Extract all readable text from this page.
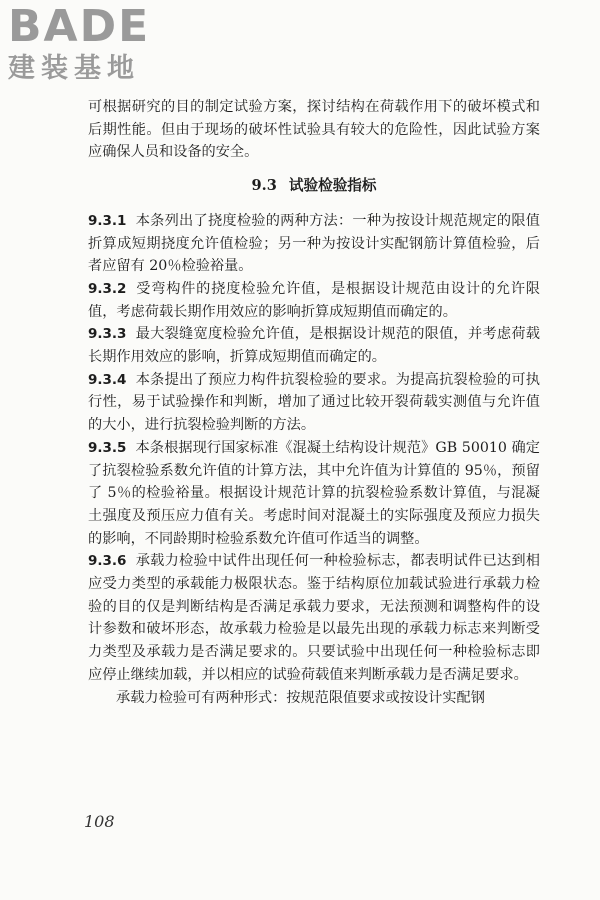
BADE
建装基地

可根据研究的目的制定试验方案，探讨结构在荷载作用下的破坏模式和后期性能。但由于现场的破坏性试验具有较大的危险性，因此试验方案应确保人员和设备的安全。

9.3 试验检验指标

9.3.1 本条列出了挠度检验的两种方法：一种为按设计规范规定的限值折算成短期挠度允许值检验；另一种为按设计实配钢筋计算值检验，后者应留有 20％检验裕量。

9.3.2 受弯构件的挠度检验允许值，是根据设计规范由设计的允许限值，考虑荷载长期作用效应的影响折算成短期值而确定的。

9.3.3 最大裂缝宽度检验允许值，是根据设计规范的限值，并考虑荷载长期作用效应的影响，折算成短期值而确定的。

9.3.4 本条提出了预应力构件抗裂检验的要求。为提高抗裂检验的可执行性，易于试验操作和判断，增加了通过比较开裂荷载实测值与允许值的大小，进行抗裂检验判断的方法。

9.3.5 本条根据现行国家标准《混凝土结构设计规范》GB 50010 确定了抗裂检验系数允许值的计算方法，其中允许值为计算值的 95％，预留了 5％的检验裕量。根据设计规范计算的抗裂检验系数计算值，与混凝土强度及预压应力值有关。考虑时间对混凝土的实际强度及预应力损失的影响，不同龄期时检验系数允许值可作适当的调整。

9.3.6 承载力检验中试件出现任何一种检验标志，都表明试件已达到相应受力类型的承载能力极限状态。鉴于结构原位加载试验进行承载力检验的目的仅是判断结构是否满足承载力要求，无法预测和调整构件的设计参数和破坏形态，故承载力检验是以最先出现的承载力标志来判断受力类型及承载力是否满足要求的。只要试验中出现任何一种检验标志即应停止继续加载，并以相应的试验荷载值来判断承载力是否满足要求。

承载力检验可有两种形式：按规范限值要求或按设计实配钢

108
